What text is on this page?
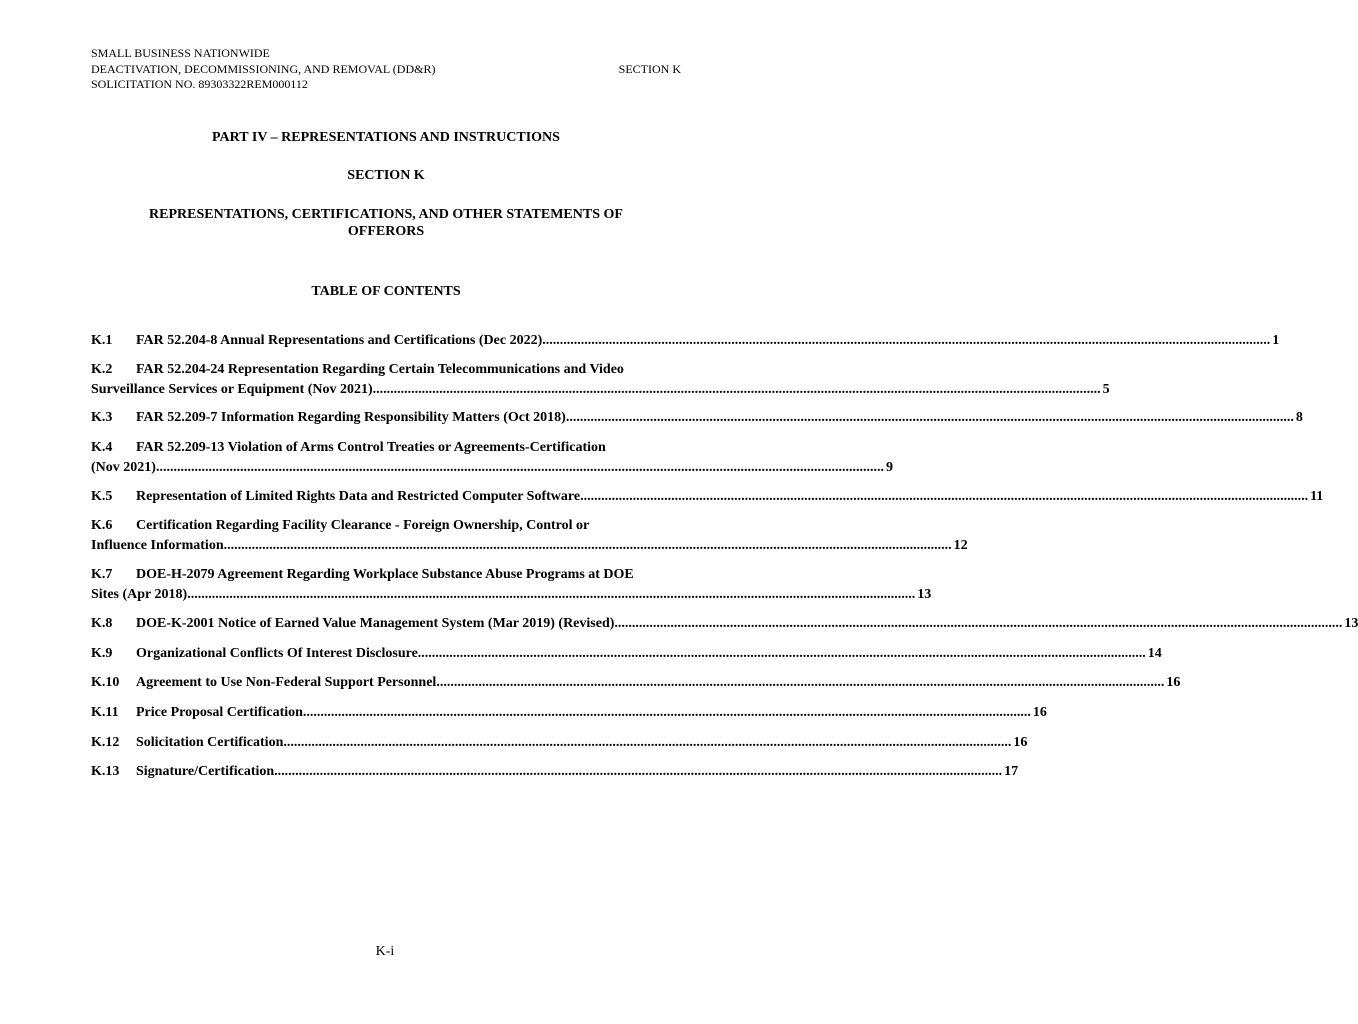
SMALL BUSINESS NATIONWIDE
DEACTIVATION, DECOMMISSIONING, AND REMOVAL (DD&R)
SOLICITATION NO. 89303322REM000112
SECTION K
PART IV – REPRESENTATIONS AND INSTRUCTIONS
SECTION K
REPRESENTATIONS, CERTIFICATIONS, AND OTHER STATEMENTS OF
OFFERORS
TABLE OF CONTENTS
K.1	FAR 52.204-8 Annual Representations and Certifications (Dec 2022) .....	1
K.2	FAR 52.204-24 Representation Regarding Certain Telecommunications and Video
Surveillance Services or Equipment (Nov 2021) .....	5
K.3	FAR 52.209-7 Information Regarding Responsibility Matters (Oct 2018) .....	8
K.4	FAR 52.209-13 Violation of Arms Control Treaties or Agreements-Certification
(Nov 2021) .....	9
K.5	Representation of Limited Rights Data and Restricted Computer Software .....	11
K.6	Certification Regarding Facility Clearance - Foreign Ownership, Control or
Influence Information .....	12
K.7	DOE-H-2079 Agreement Regarding Workplace Substance Abuse Programs at DOE
Sites (Apr 2018) .....	13
K.8	DOE-K-2001 Notice of Earned Value Management System (Mar 2019) (Revised) .....	13
K.9	Organizational Conflicts Of Interest Disclosure .....	14
K.10	Agreement to Use Non-Federal Support Personnel .....	16
K.11	Price Proposal Certification .....	16
K.12	Solicitation Certification .....	16
K.13	Signature/Certification .....	17
K-i
